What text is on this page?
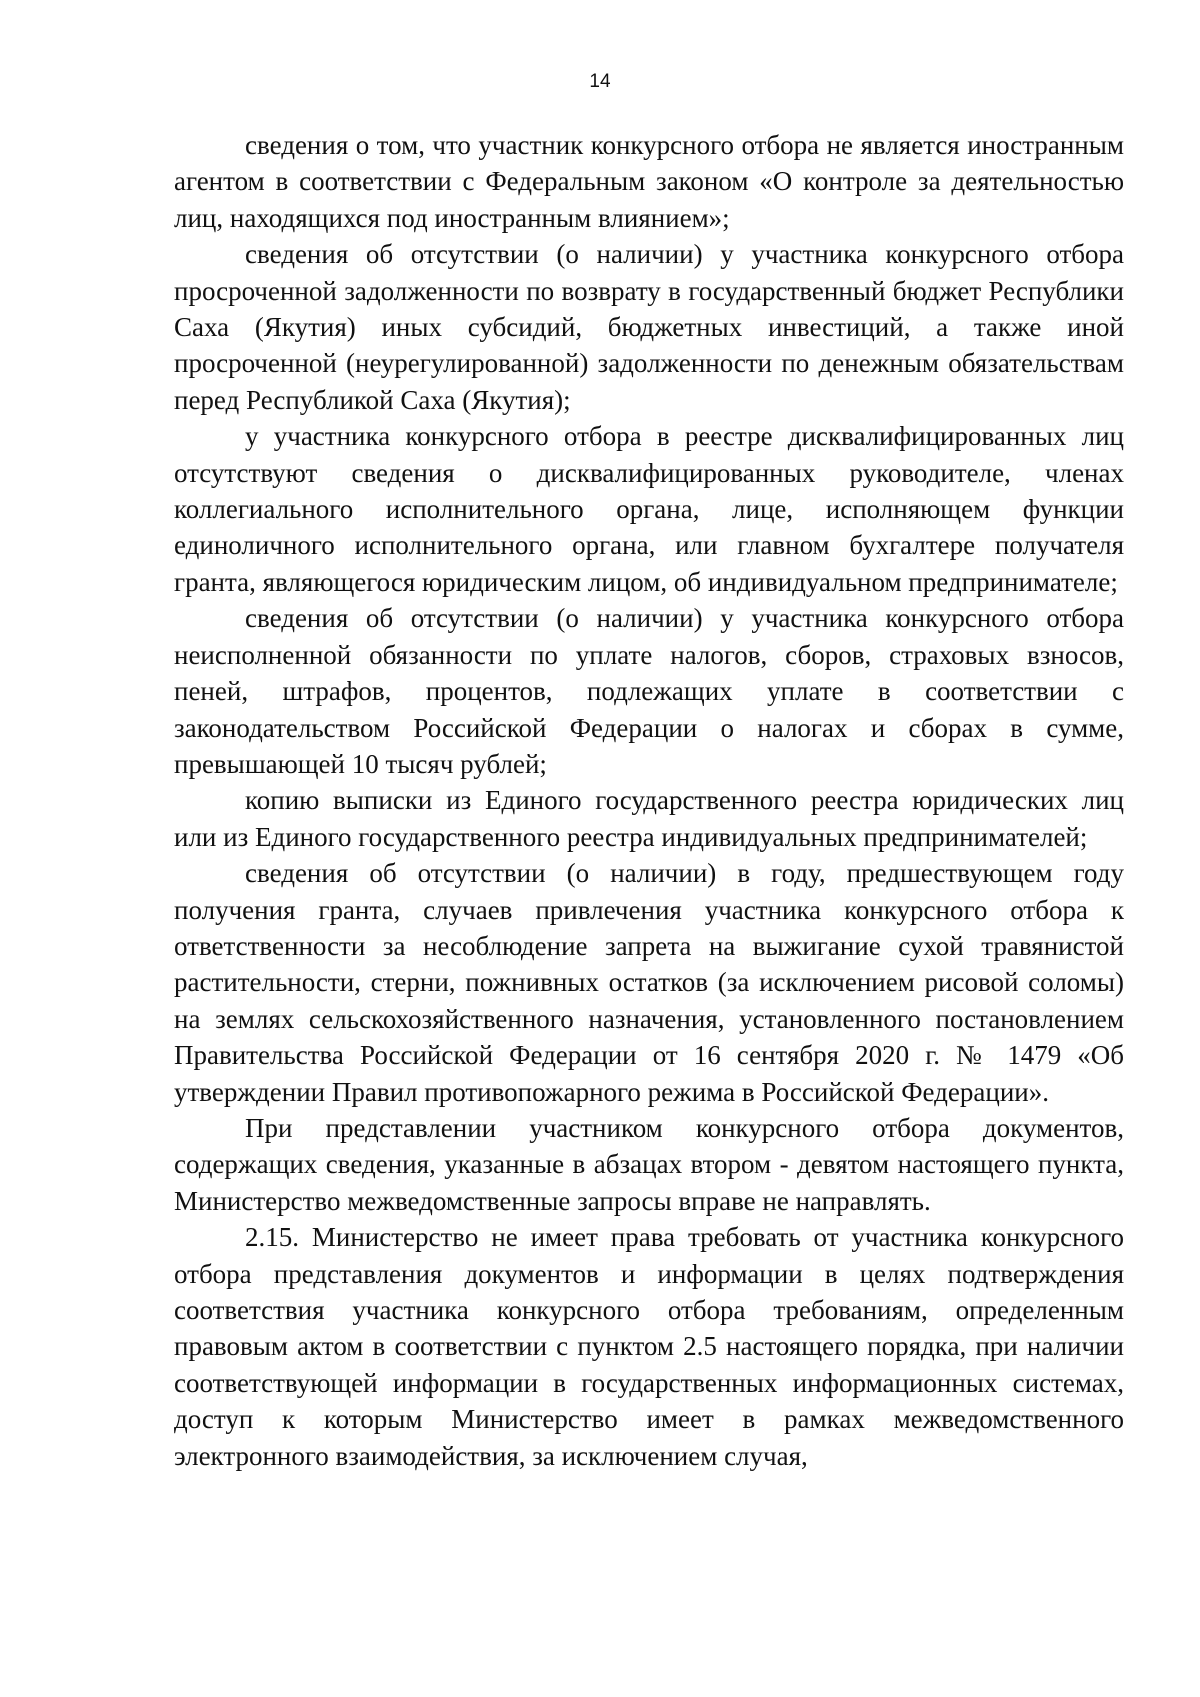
14

сведения о том, что участник конкурсного отбора не является иностранным агентом в соответствии с Федеральным законом «О контроле за деятельностью лиц, находящихся под иностранным влиянием»;

сведения об отсутствии (о наличии) у участника конкурсного отбора просроченной задолженности по возврату в государственный бюджет Республики Саха (Якутия) иных субсидий, бюджетных инвестиций, а также иной просроченной (неурегулированной) задолженности по денежным обязательствам перед Республикой Саха (Якутия);

у участника конкурсного отбора в реестре дисквалифицированных лиц отсутствуют сведения о дисквалифицированных руководителе, членах коллегиального исполнительного органа, лице, исполняющем функции единоличного исполнительного органа, или главном бухгалтере получателя гранта, являющегося юридическим лицом, об индивидуальном предпринимателе;

сведения об отсутствии (о наличии) у участника конкурсного отбора неисполненной обязанности по уплате налогов, сборов, страховых взносов, пеней, штрафов, процентов, подлежащих уплате в соответствии с законодательством Российской Федерации о налогах и сборах в сумме, превышающей 10 тысяч рублей;

копию выписки из Единого государственного реестра юридических лиц или из Единого государственного реестра индивидуальных предпринимателей;

сведения об отсутствии (о наличии) в году, предшествующем году получения гранта, случаев привлечения участника конкурсного отбора к ответственности за несоблюдение запрета на выжигание сухой травянистой растительности, стерни, пожнивных остатков (за исключением рисовой соломы) на землях сельскохозяйственного назначения, установленного постановлением Правительства Российской Федерации от 16 сентября 2020 г. № 1479 «Об утверждении Правил противопожарного режима в Российской Федерации».

При представлении участником конкурсного отбора документов, содержащих сведения, указанные в абзацах втором - девятом настоящего пункта, Министерство межведомственные запросы вправе не направлять.

2.15. Министерство не имеет права требовать от участника конкурсного отбора представления документов и информации в целях подтверждения соответствия участника конкурсного отбора требованиям, определенным правовым актом в соответствии с пунктом 2.5 настоящего порядка, при наличии соответствующей информации в государственных информационных системах, доступ к которым Министерство имеет в рамках межведомственного электронного взаимодействия, за исключением случая,
